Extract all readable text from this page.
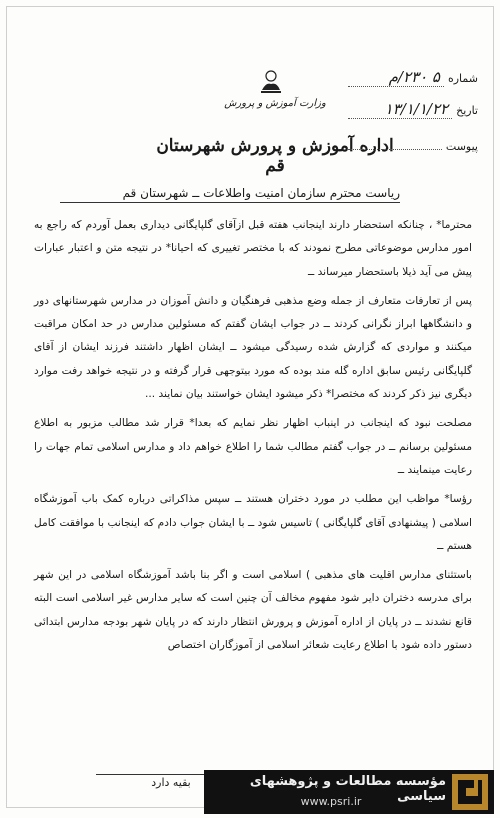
وزارت آموزش و پرورش
اداره آموزش و پرورش شهرستان قم
شماره
۵ ۲۳۰/م
تاریخ
۱۳/۱/۱/۲۲
پیوست
ریاست محترم سازمان امنیت واطلاعات ــ شهرستان قم

محترما* ، چنانکه استحضار دارند اینجانب هفته قبل ازآقای گلپایگانی دیداری بعمل آوردم که راجع به امور مدارس موضوعاتی مطرح نمودند که با مختصر تغییری که احیانا* در نتیجه متن و اعتبار عبارات پیش می آید ذیلا باستحضار میرساند ــ

پس از تعارفات متعارف از جمله وضع مذهبی فرهنگیان و دانش آموزان در مدارس شهرستانهای دور و دانشگاهها ابراز نگرانی کردند ــ در جواب ایشان گفتم که مسئولین مدارس در حد امکان مراقبت میکنند و مواردی که گزارش شده رسیدگی میشود ــ ایشان اظهار داشتند فرزند ایشان از آقای گلپایگانی رئیس سابق اداره گله مند بوده که مورد بیتوجهی قرار گرفته و در نتیجه خواهد رفت موارد دیگری نیز ذکر کردند که مختصرا* ذکر میشود ایشان خواستند بیان نمایند ...

مصلحت نبود که اینجانب در اینباب اظهار نظر نمایم که بعدا* قرار شد مطالب مزبور به اطلاع مسئولین برسانم ــ در جواب گفتم مطالب شما را اطلاع خواهم داد و مدارس اسلامی تمام جهات را رعایت مینمایند ــ

رؤسا* مواظب این مطلب در مورد دختران هستند ــ سپس مذاکراتی درباره کمک باب آموزشگاه اسلامی ( پیشنهادی آقای گلپایگانی ) تاسیس شود ــ با ایشان جواب دادم که اینجانب با موافقت کامل هستم ــ

باستثنای مدارس اقلیت های مذهبی ) اسلامی است و اگر بنا باشد آموزشگاه اسلامی در این شهر برای مدرسه دختران دایر شود مفهوم مخالف آن چنین است که سایر مدارس غیر اسلامی است البته قانع نشدند ــ در پایان از اداره آموزش و پرورش انتظار دارند که در پایان شهر بودجه مدارس ابتدائی دستور داده شود با اطلاع رعایت شعائر اسلامی از آموزگاران اختصاص

بقیه دارد	مؤسسه مطالعات و پژوهشهای سیاسی
www.psri.ir
